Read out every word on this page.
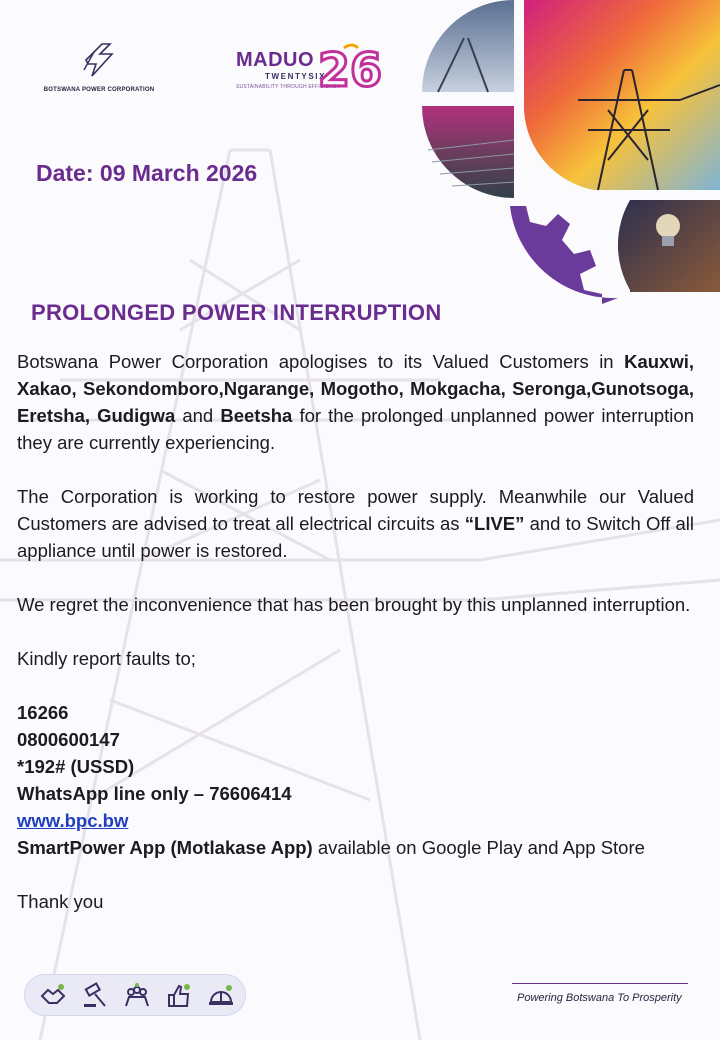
BOTSWANA POWER CORPORATION
MADUO
TWENTYSIX
SUSTAINABILITY THROUGH EFFICIENCY
26
Date: 09 March 2026
PROLONGED POWER INTERRUPTION

Botswana Power Corporation apologises to its Valued Customers in Kauxwi, Xakao, Sekondomboro,Ngarange, Mogotho, Mokgacha, Seronga,Gunotsoga, Eretsha, Gudigwa and Beetsha for the prolonged unplanned power interruption they are currently experiencing.

The Corporation is working to restore power supply. Meanwhile our Valued Customers are advised to treat all electrical circuits as “LIVE” and to Switch Off all appliance until power is restored.

We regret the inconvenience that has been brought by this unplanned interruption.

Kindly report faults to;

16266
0800600147
*192# (USSD)
WhatsApp line only – 76606414
www.bpc.bw
SmartPower App (Motlakase App) available on Google Play and App Store

Thank you

Powering Botswana To Prosperity
